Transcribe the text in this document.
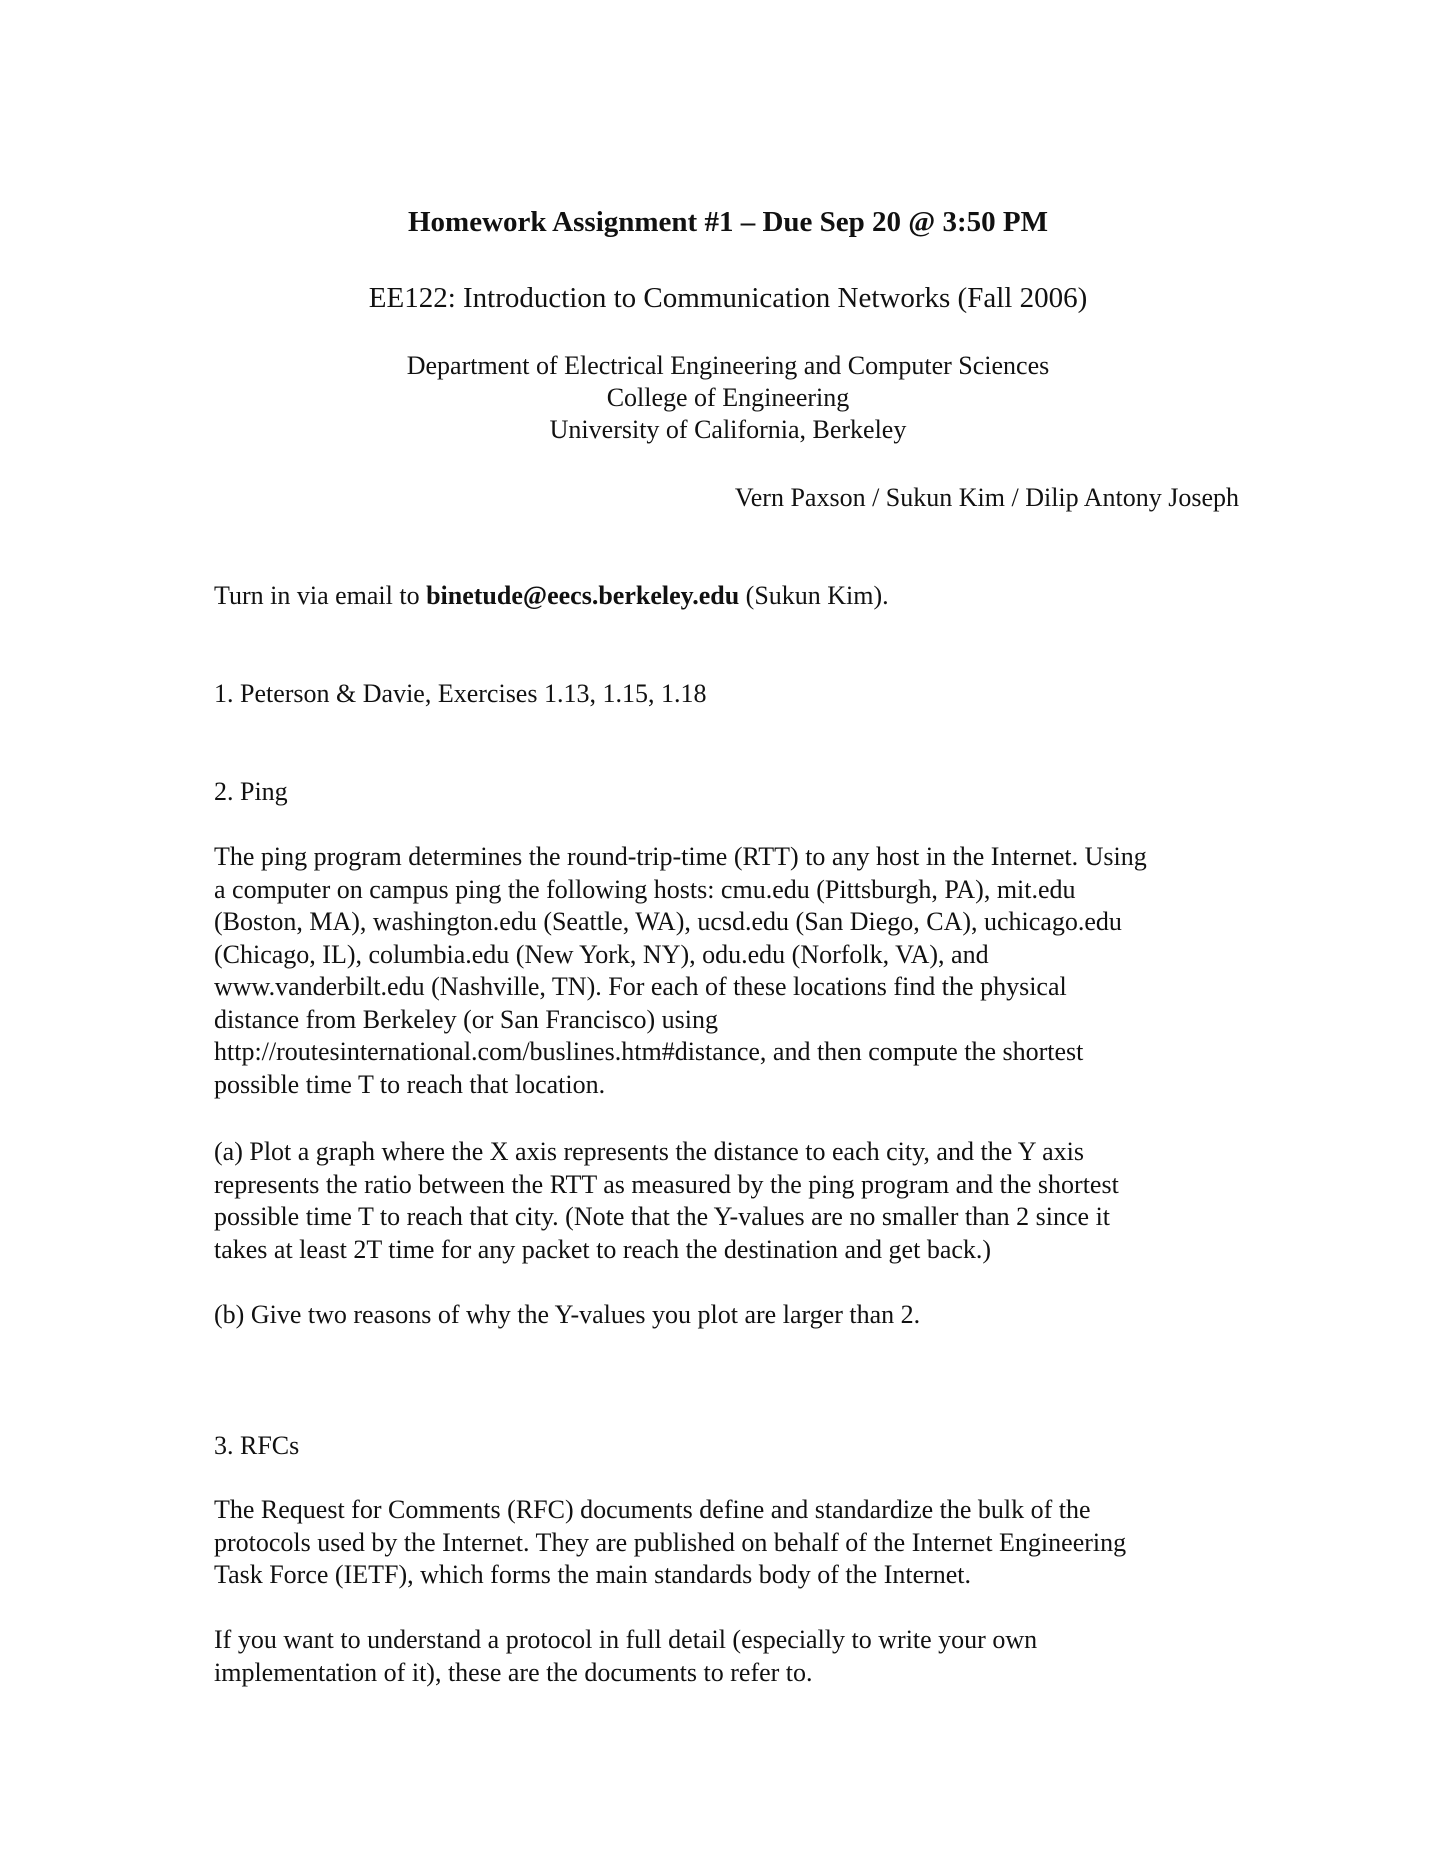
Homework Assignment #1 – Due Sep 20 @ 3:50 PM
EE122: Introduction to Communication Networks (Fall 2006)
Department of Electrical Engineering and Computer Sciences
College of Engineering
University of California, Berkeley
Vern Paxson / Sukun Kim / Dilip Antony Joseph
Turn in via email to binetude@eecs.berkeley.edu (Sukun Kim).
1. Peterson & Davie, Exercises 1.13, 1.15, 1.18
2. Ping
The ping program determines the round-trip-time (RTT) to any host in the Internet. Using
a computer on campus ping the following hosts: cmu.edu (Pittsburgh, PA), mit.edu
(Boston, MA), washington.edu (Seattle, WA), ucsd.edu (San Diego, CA), uchicago.edu
(Chicago, IL), columbia.edu (New York, NY), odu.edu (Norfolk, VA), and
www.vanderbilt.edu (Nashville, TN). For each of these locations find the physical
distance from Berkeley (or San Francisco) using
http://routesinternational.com/buslines.htm#distance, and then compute the shortest
possible time T to reach that location.
(a) Plot a graph where the X axis represents the distance to each city, and the Y axis
represents the ratio between the RTT as measured by the ping program and the shortest
possible time T to reach that city. (Note that the Y-values are no smaller than 2 since it
takes at least 2T time for any packet to reach the destination and get back.)
(b) Give two reasons of why the Y-values you plot are larger than 2.
3. RFCs
The Request for Comments (RFC) documents define and standardize the bulk of the
protocols used by the Internet. They are published on behalf of the Internet Engineering
Task Force (IETF), which forms the main standards body of the Internet.
If you want to understand a protocol in full detail (especially to write your own
implementation of it), these are the documents to refer to.
